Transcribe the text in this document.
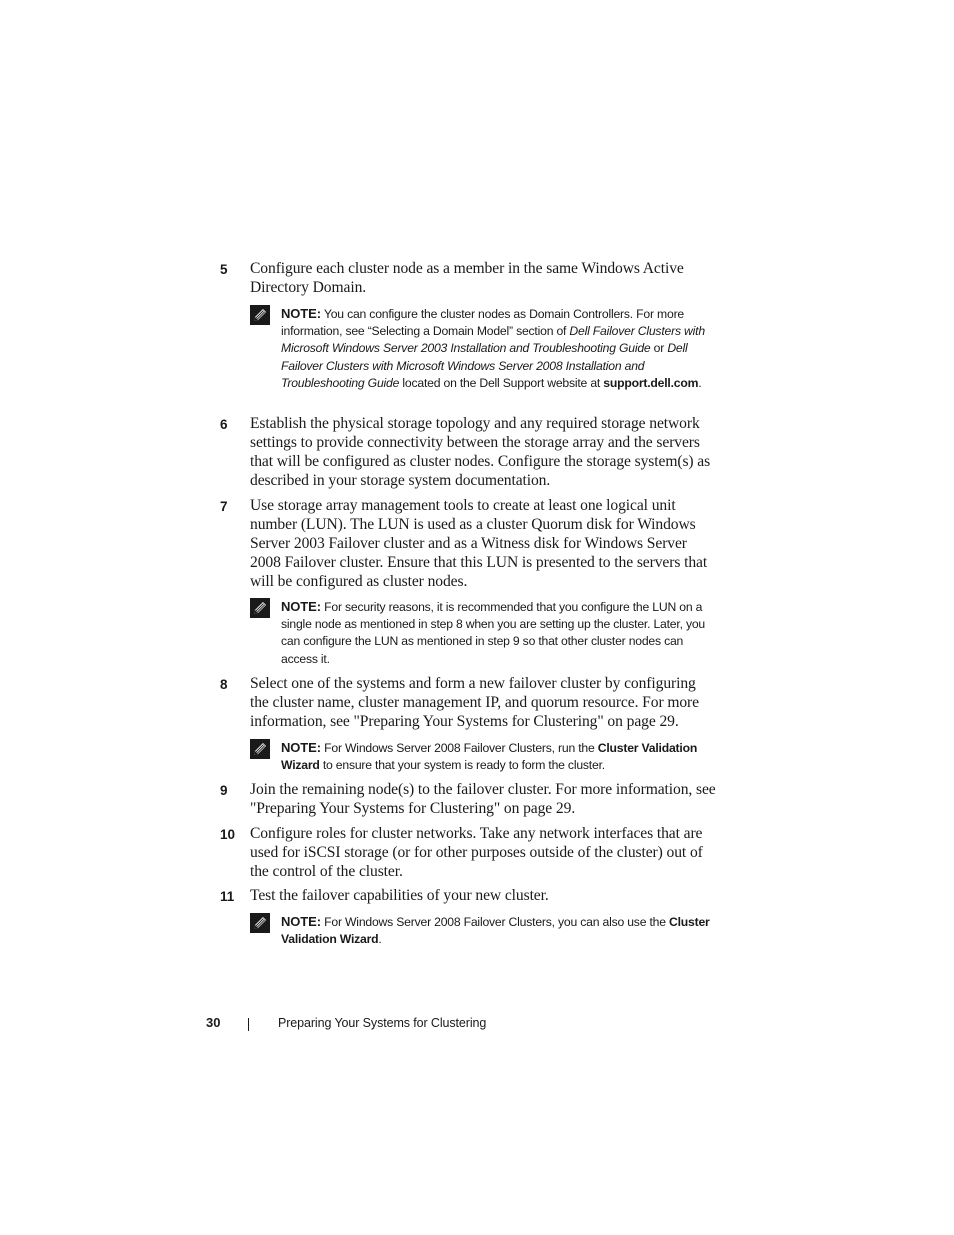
5	Configure each cluster node as a member in the same Windows Active Directory Domain.
NOTE: You can configure the cluster nodes as Domain Controllers. For more information, see “Selecting a Domain Model” section of Dell Failover Clusters with Microsoft Windows Server 2003 Installation and Troubleshooting Guide or Dell Failover Clusters with Microsoft Windows Server 2008 Installation and Troubleshooting Guide located on the Dell Support website at support.dell.com.
6	Establish the physical storage topology and any required storage network settings to provide connectivity between the storage array and the servers that will be configured as cluster nodes. Configure the storage system(s) as described in your storage system documentation.
7	Use storage array management tools to create at least one logical unit number (LUN). The LUN is used as a cluster Quorum disk for Windows Server 2003 Failover cluster and as a Witness disk for Windows Server 2008 Failover cluster. Ensure that this LUN is presented to the servers that will be configured as cluster nodes.
NOTE: For security reasons, it is recommended that you configure the LUN on a single node as mentioned in step 8 when you are setting up the cluster. Later, you can configure the LUN as mentioned in step 9 so that other cluster nodes can access it.
8	Select one of the systems and form a new failover cluster by configuring the cluster name, cluster management IP, and quorum resource. For more information, see "Preparing Your Systems for Clustering" on page 29.
NOTE: For Windows Server 2008 Failover Clusters, run the Cluster Validation Wizard to ensure that your system is ready to form the cluster.
9	Join the remaining node(s) to the failover cluster. For more information, see "Preparing Your Systems for Clustering" on page 29.
10 Configure roles for cluster networks. Take any network interfaces that are used for iSCSI storage (or for other purposes outside of the cluster) out of the control of the cluster.
11	Test the failover capabilities of your new cluster.
NOTE: For Windows Server 2008 Failover Clusters, you can also use the Cluster Validation Wizard.
30	Preparing Your Systems for Clustering
